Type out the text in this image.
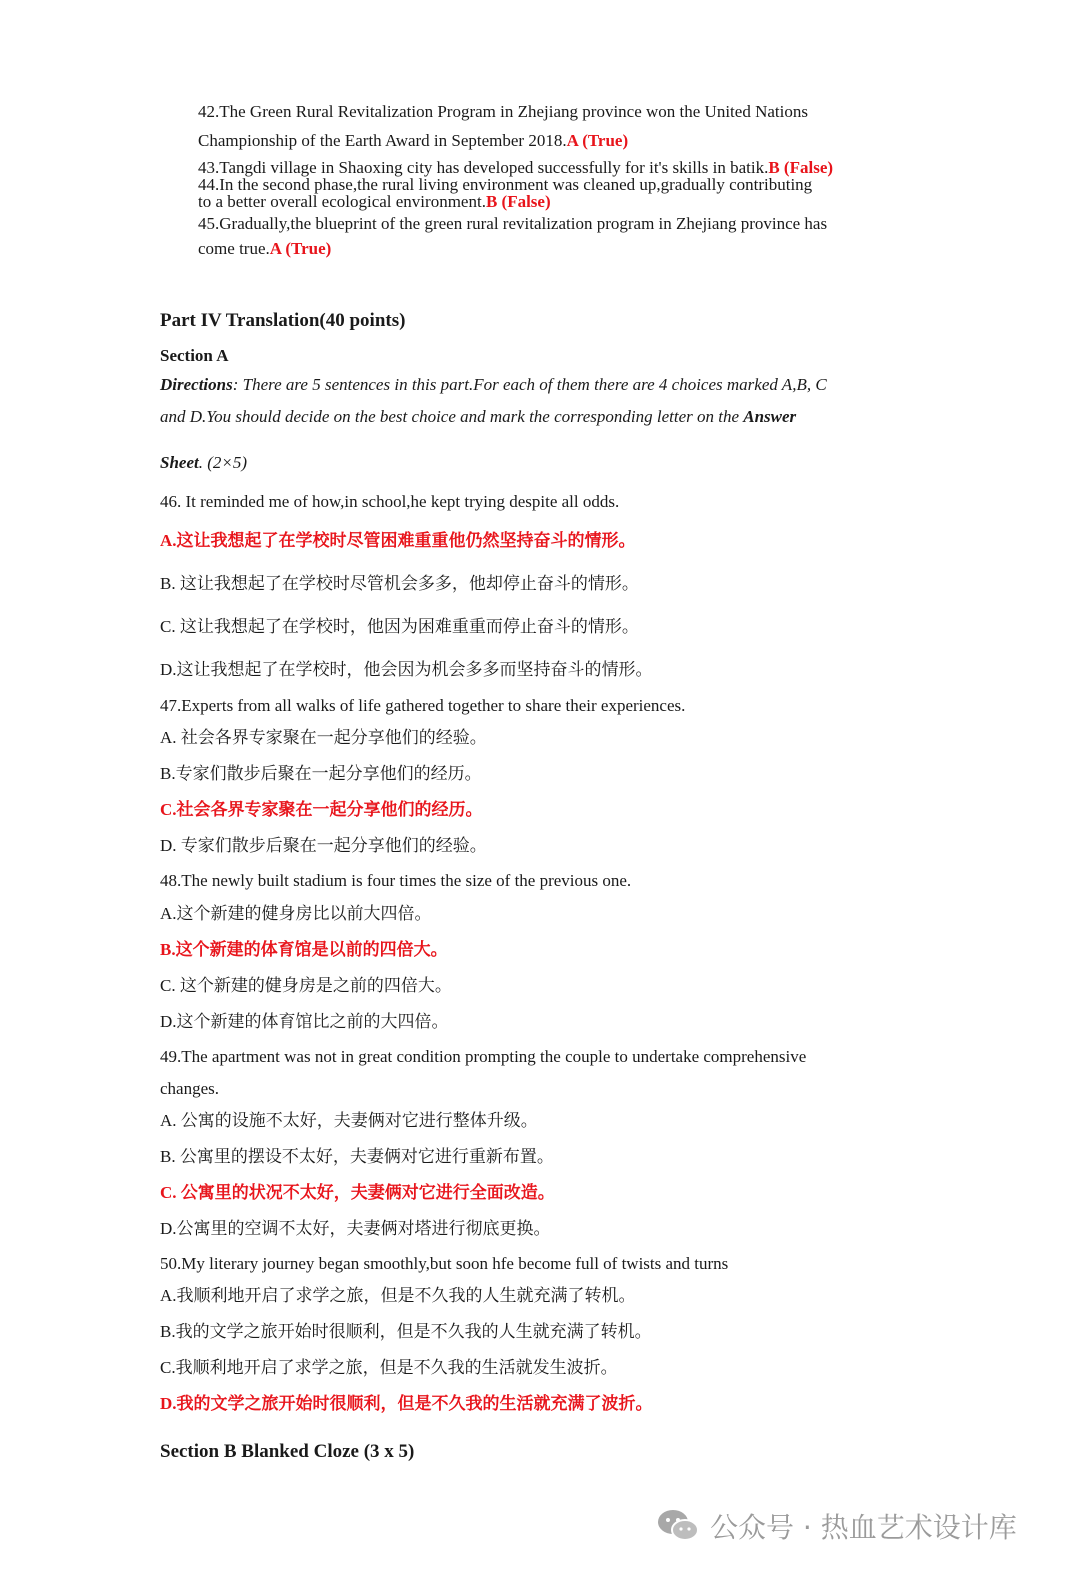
42.The Green Rural Revitalization Program in Zhejiang province won the United Nations
Championship of the Earth Award in September 2018.A (True)
43.Tangdi village in Shaoxing city has developed successfully for it's skills in batik.B (False)
44.In the second phase,the rural living environment was cleaned up,gradually contributing
to a better overall ecological environment.B (False)
45.Gradually,the blueprint of the green rural revitalization program in Zhejiang province has
come true.A (True)
Part IV Translation(40 points)
Section A
Directions: There are 5 sentences in this part.For each of them there are 4 choices marked A,B, C
and D.You should decide on the best choice and mark the corresponding letter on the Answer
Sheet. (2×5)
46. It reminded me of how,in school,he kept trying despite all odds.
A.这让我想起了在学校时尽管困难重重他仍然坚持奋斗的情形。
B. 这让我想起了在学校时尽管机会多多，他却停止奋斗的情形。
C. 这让我想起了在学校时，他因为困难重重而停止奋斗的情形。
D.这让我想起了在学校时，他会因为机会多多而坚持奋斗的情形。
47.Experts from all walks of life gathered together to share their experiences.
A. 社会各界专家聚在一起分享他们的经验。
B.专家们散步后聚在一起分享他们的经历。
C.社会各界专家聚在一起分享他们的经历。
D. 专家们散步后聚在一起分享他们的经验。
48.The newly built stadium is four times the size of the previous one.
A.这个新建的健身房比以前大四倍。
B.这个新建的体育馆是以前的四倍大。
C. 这个新建的健身房是之前的四倍大。
D.这个新建的体育馆比之前的大四倍。
49.The apartment was not in great condition prompting the couple to undertake comprehensive
changes.
A. 公寓的设施不太好，夫妻俩对它进行整体升级。
B. 公寓里的摆设不太好，夫妻俩对它进行重新布置。
C. 公寓里的状况不太好，夫妻俩对它进行全面改造。
D.公寓里的空调不太好，夫妻俩对塔进行彻底更换。
50.My literary journey began smoothly,but soon hfe become full of twists and turns
A.我顺利地开启了求学之旅，但是不久我的人生就充满了转机。
B.我的文学之旅开始时很顺利，但是不久我的人生就充满了转机。
C.我顺利地开启了求学之旅，但是不久我的生活就发生波折。
D.我的文学之旅开始时很顺利，但是不久我的生活就充满了波折。
Section B Blanked Cloze (3 x 5)
公众号 · 热血艺术设计库
